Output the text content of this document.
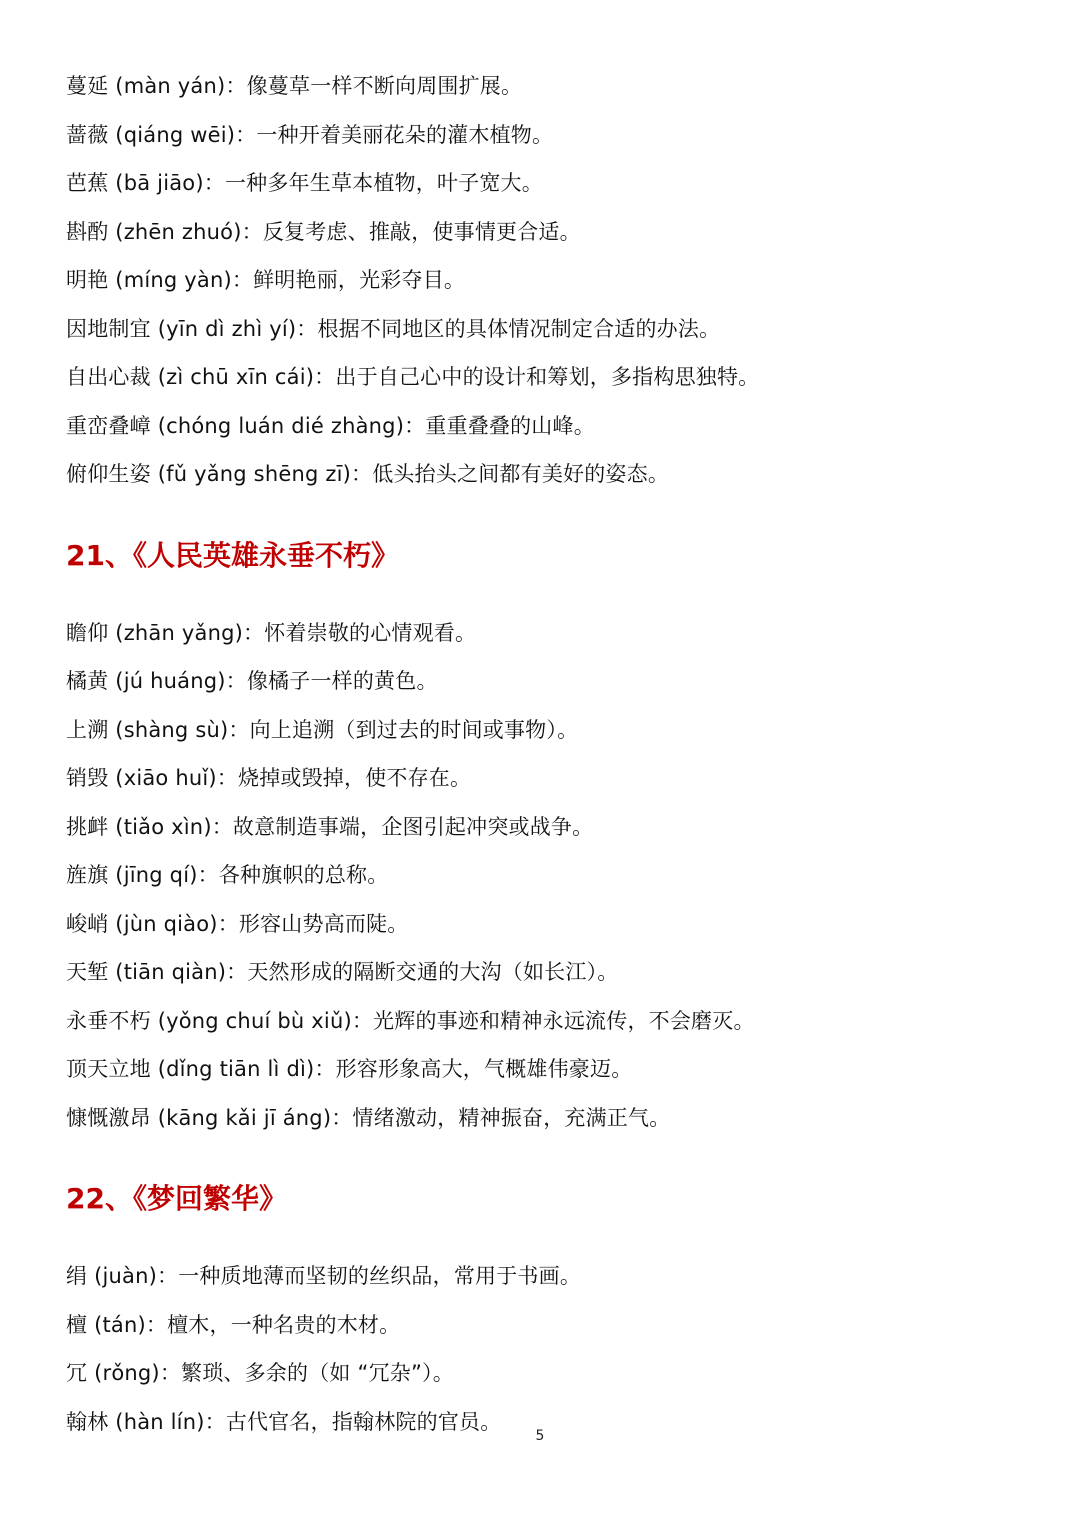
蔓延 (màn yán)：像蔓草一样不断向周围扩展。
蔷薇 (qiáng wēi)：一种开着美丽花朵的灌木植物。
芭蕉 (bā jiāo)：一种多年生草本植物，叶子宽大。
斟酌 (zhēn zhuó)：反复考虑、推敲，使事情更合适。
明艳 (míng yàn)：鲜明艳丽，光彩夺目。
因地制宜 (yīn dì zhì yí)：根据不同地区的具体情况制定合适的办法。
自出心裁 (zì chū xīn cái)：出于自己心中的设计和筹划，多指构思独特。
重峦叠嶂 (chóng luán dié zhàng)：重重叠叠的山峰。
俯仰生姿 (fǔ yǎng shēng zī)：低头抬头之间都有美好的姿态。
21、《人民英雄永垂不朽》
瞻仰 (zhān yǎng)：怀着崇敬的心情观看。
橘黄 (jú huáng)：像橘子一样的黄色。
上溯 (shàng sù)：向上追溯（到过去的时间或事物）。
销毁 (xiāo huǐ)：烧掉或毁掉，使不存在。
挑衅 (tiǎo xìn)：故意制造事端，企图引起冲突或战争。
旌旗 (jīng qí)：各种旗帜的总称。
峻峭 (jùn qiào)：形容山势高而陡。
天堑 (tiān qiàn)：天然形成的隔断交通的大沟（如长江）。
永垂不朽 (yǒng chuí bù xiǔ)：光辉的事迹和精神永远流传，不会磨灭。
顶天立地 (dǐng tiān lì dì)：形容形象高大，气概雄伟豪迈。
慷慨激昂 (kāng kǎi jī áng)：情绪激动，精神振奋，充满正气。
22、《梦回繁华》
绢 (juàn)：一种质地薄而坚韧的丝织品，常用于书画。
檀 (tán)：檀木，一种名贵的木材。
冗 (rǒng)：繁琐、多余的（如 “冗杂”）。
翰林 (hàn lín)：古代官名，指翰林院的官员。
5
